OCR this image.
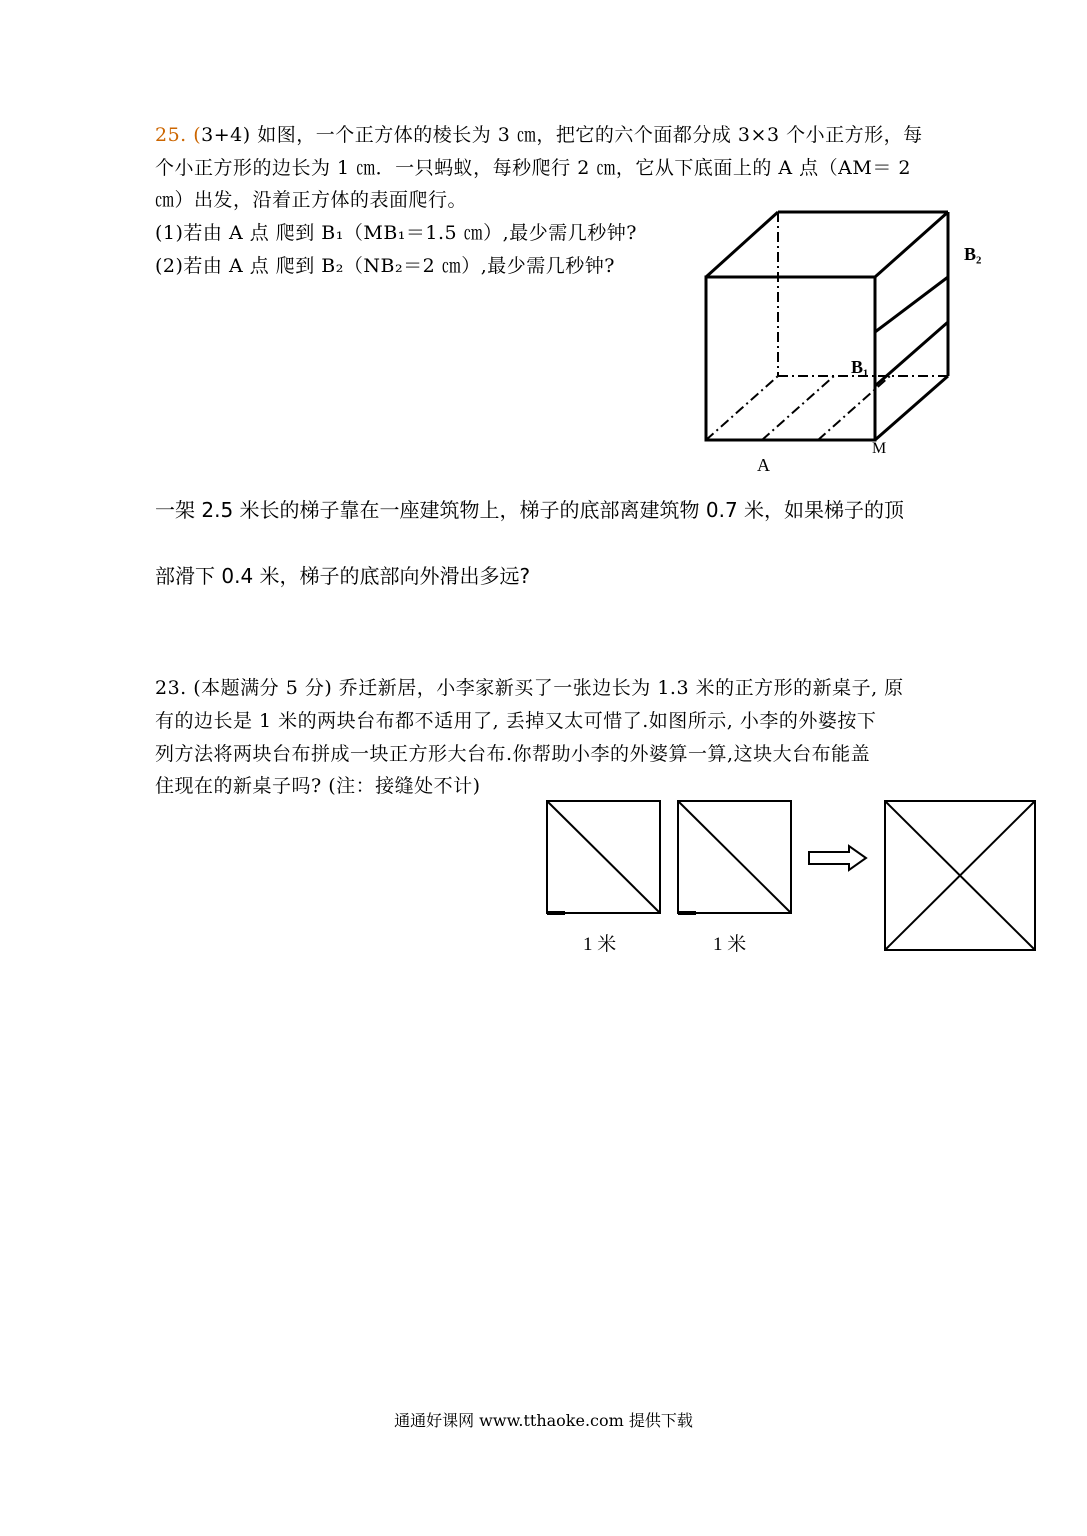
25. (3+4) 如图，一个正方体的棱长为 3 ㎝，把它的六个面都分成 3×3 个小正方形，每
个小正方形的边长为 1 ㎝．一只蚂蚁，每秒爬行 2 ㎝，它从下底面上的 A 点（AM＝ 2
㎝）出发，沿着正方体的表面爬行。
(1)若由 A 点 爬到 B₁（MB₁＝1.5 ㎝）,最少需几秒钟?
(2)若由 A 点 爬到 B₂（NB₂＝2 ㎝）,最少需几秒钟?
A
M
B₁
B₂
一架 2.5 米长的梯子靠在一座建筑物上，梯子的底部离建筑物 0.7 米，如果梯子的顶
部滑下 0.4 米，梯子的底部向外滑出多远?
23. (本题满分 5 分) 乔迁新居，小李家新买了一张边长为 1.3 米的正方形的新桌子, 原
有的边长是 1 米的两块台布都不适用了, 丢掉又太可惜了.如图所示, 小李的外婆按下
列方法将两块台布拼成一块正方形大台布.你帮助小李的外婆算一算,这块大台布能盖
住现在的新桌子吗? (注：接缝处不计)
1 米	1 米
通通好课网 www.tthaoke.com 提供下载
